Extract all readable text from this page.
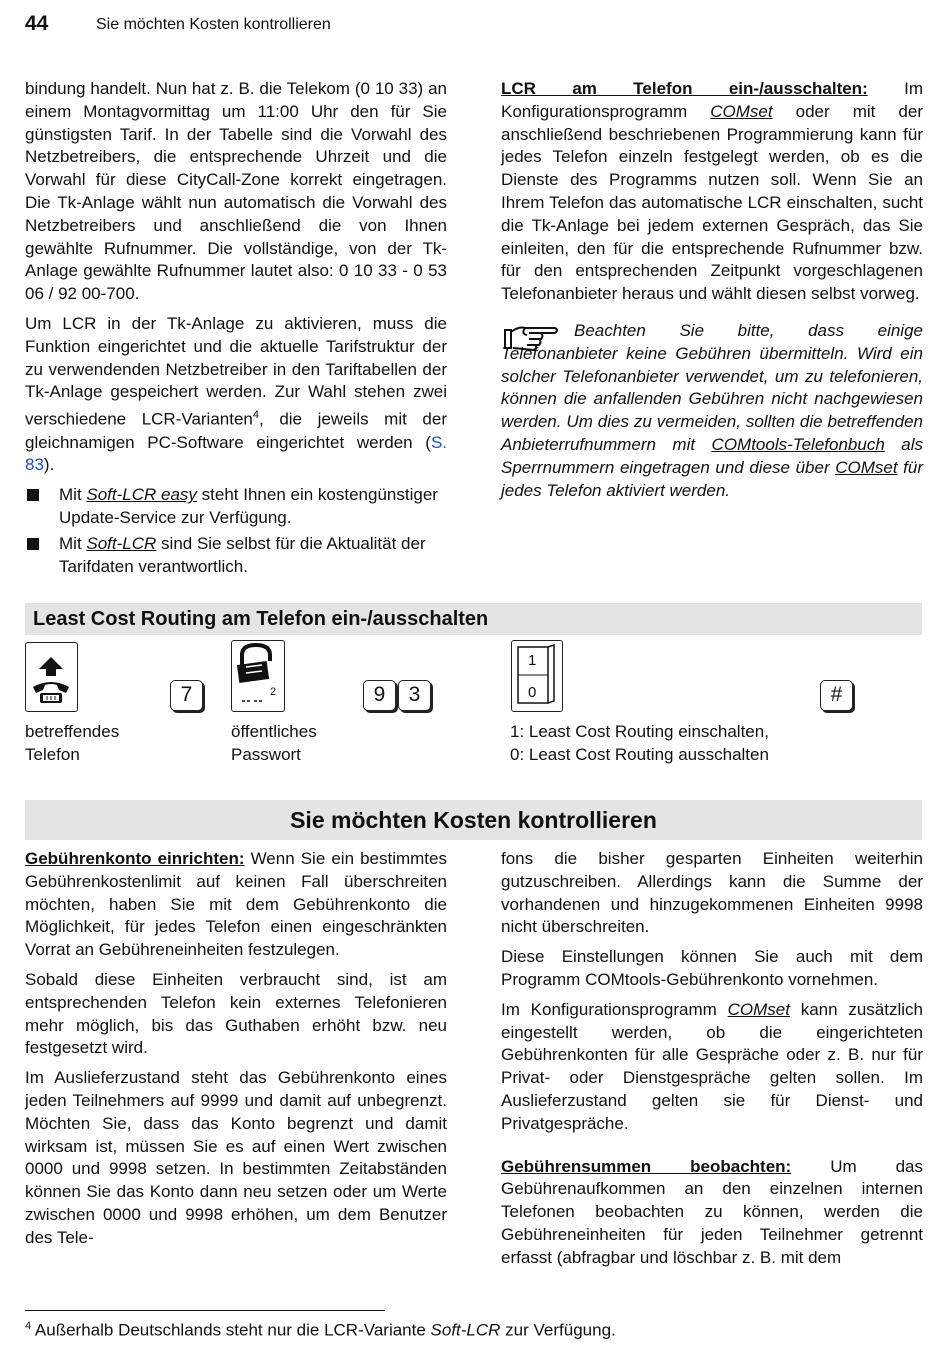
44	Sie möchten Kosten kontrollieren

bindung handelt. Nun hat z. B. die Telekom (0 10 33) an einem Montagvormittag um 11:00 Uhr den für Sie günstigsten Tarif. In der Tabelle sind die Vorwahl des Netzbetreibers, die entsprechende Uhrzeit und die Vorwahl für diese CityCall-Zone korrekt eingetragen. Die Tk-Anlage wählt nun automatisch die Vorwahl des Netzbetreibers und anschließend die von Ihnen gewählte Rufnummer. Die vollständige, von der Tk-Anlage gewählte Rufnummer lautet also: 0 10 33 - 0 53 06 / 92 00-700.

Um LCR in der Tk-Anlage zu aktivieren, muss die Funktion eingerichtet und die aktuelle Tarifstruktur der zu verwendenden Netzbetreiber in den Tariftabellen der Tk-Anlage gespeichert werden. Zur Wahl stehen zwei verschiedene LCR-Varianten$^4$, die jeweils mit der gleichnamigen PC-Software eingerichtet werden (S. 83).

Mit Soft-LCR easy steht Ihnen ein kostengünstiger Update-Service zur Verfügung.
Mit Soft-LCR sind Sie selbst für die Aktualität der Tarifdaten verantwortlich.

LCR am Telefon ein-/ausschalten: Im Konfigurationsprogramm COMset oder mit der anschließend beschriebenen Programmierung kann für jedes Telefon einzeln festgelegt werden, ob es die Dienste des Programms nutzen soll. Wenn Sie an Ihrem Telefon das automatische LCR einschalten, sucht die Tk-Anlage bei jedem externen Gespräch, das Sie einleiten, den für die entsprechende Rufnummer bzw. für den entsprechenden Zeitpunkt vorgeschlagenen Telefonanbieter heraus und wählt diesen selbst vorweg.

Beachten Sie bitte, dass einige Telefonanbieter keine Gebühren übermitteln. Wird ein solcher Telefonanbieter verwendet, um zu telefonieren, können die anfallenden Gebühren nicht nachgewiesen werden. Um dies zu vermeiden, sollten die betreffenden Anbieterrufnummern mit COMtools-Telefonbuch als Sperrnummern eingetragen und diese über COMset für jedes Telefon aktiviert werden.

Least Cost Routing am Telefon ein-/ausschalten
7	2	9	3
1
0	#
betreffendes
Telefon
öffentliches
Passwort
1: Least Cost Routing einschalten,
0: Least Cost Routing ausschalten
Sie möchten Kosten kontrollieren

Gebührenkonto einrichten: Wenn Sie ein bestimmtes Gebührenkostenlimit auf keinen Fall überschreiten möchten, haben Sie mit dem Gebührenkonto die Möglichkeit, für jedes Telefon einen eingeschränkten Vorrat an Gebühreneinheiten festzulegen.

Sobald diese Einheiten verbraucht sind, ist am entsprechenden Telefon kein externes Telefonieren mehr möglich, bis das Guthaben erhöht bzw. neu festgesetzt wird.

Im Auslieferzustand steht das Gebührenkonto eines jeden Teilnehmers auf 9999 und damit auf unbegrenzt. Möchten Sie, dass das Konto begrenzt und damit wirksam ist, müssen Sie es auf einen Wert zwischen 0000 und 9998 setzen. In bestimmten Zeitabständen können Sie das Konto dann neu setzen oder um Werte zwischen 0000 und 9998 erhöhen, um dem Benutzer des Tele-

fons die bisher gesparten Einheiten weiterhin gutzuschreiben. Allerdings kann die Summe der vorhandenen und hinzugekommenen Einheiten 9998 nicht überschreiten.

Diese Einstellungen können Sie auch mit dem Programm COMtools-Gebührenkonto vornehmen.

Im Konfigurationsprogramm COMset kann zusätzlich eingestellt werden, ob die eingerichteten Gebührenkonten für alle Gespräche oder z. B. nur für Privat- oder Dienstgespräche gelten sollen. Im Auslieferzustand gelten sie für Dienst- und Privatgespräche.

Gebührensummen beobachten: Um das Gebührenaufkommen an den einzelnen internen Telefonen beobachten zu können, werden die Gebühreneinheiten für jeden Teilnehmer getrennt erfasst (abfragbar und löschbar z. B. mit dem

$^4$ Außerhalb Deutschlands steht nur die LCR-Variante Soft-LCR zur Verfügung.
